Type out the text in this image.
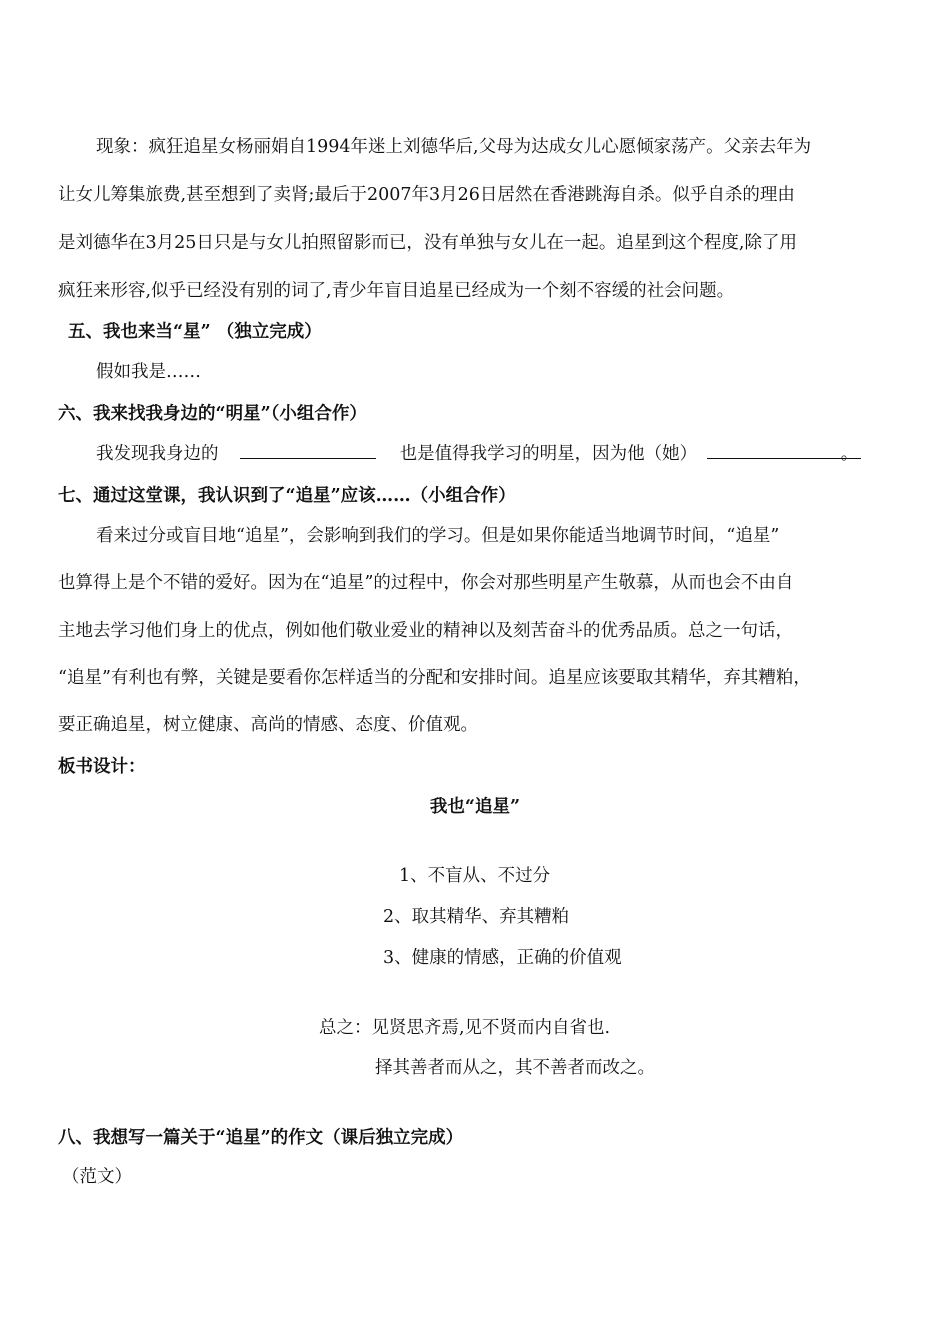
现象：疯狂追星女杨丽娟自1994年迷上刘德华后,父母为达成女儿心愿倾家荡产。父亲去年为
让女儿筹集旅费,甚至想到了卖肾;最后于2007年3月26日居然在香港跳海自杀。似乎自杀的理由
是刘德华在3月25日只是与女儿拍照留影而已，没有单独与女儿在一起。追星到这个程度,除了用
疯狂来形容,似乎已经没有别的词了,青少年盲目追星已经成为一个刻不容缓的社会问题。
五、我也来当“星” （独立完成）
假如我是……
六、我来找我身边的“明星”（小组合作）
我发现我身边的	也是值得我学习的明星，因为他（她）	。
七、通过这堂课，我认识到了“追星”应该……（小组合作）
看来过分或盲目地“追星”，会影响到我们的学习。但是如果你能适当地调节时间，“追星”
也算得上是个不错的爱好。因为在“追星”的过程中，你会对那些明星产生敬慕，从而也会不由自
主地去学习他们身上的优点，例如他们敬业爱业的精神以及刻苦奋斗的优秀品质。总之一句话，
“追星”有利也有弊，关键是要看你怎样适当的分配和安排时间。追星应该要取其精华，弃其糟粕，
要正确追星，树立健康、高尚的情感、态度、价值观。
板书设计：
我也“追星”
1、不盲从、不过分
2、取其精华、弃其糟粕
3、健康的情感，正确的价值观
总之：见贤思齐焉,见不贤而内自省也.
择其善者而从之，其不善者而改之。
八、我想写一篇关于“追星”的作文（课后独立完成）
（范文）
